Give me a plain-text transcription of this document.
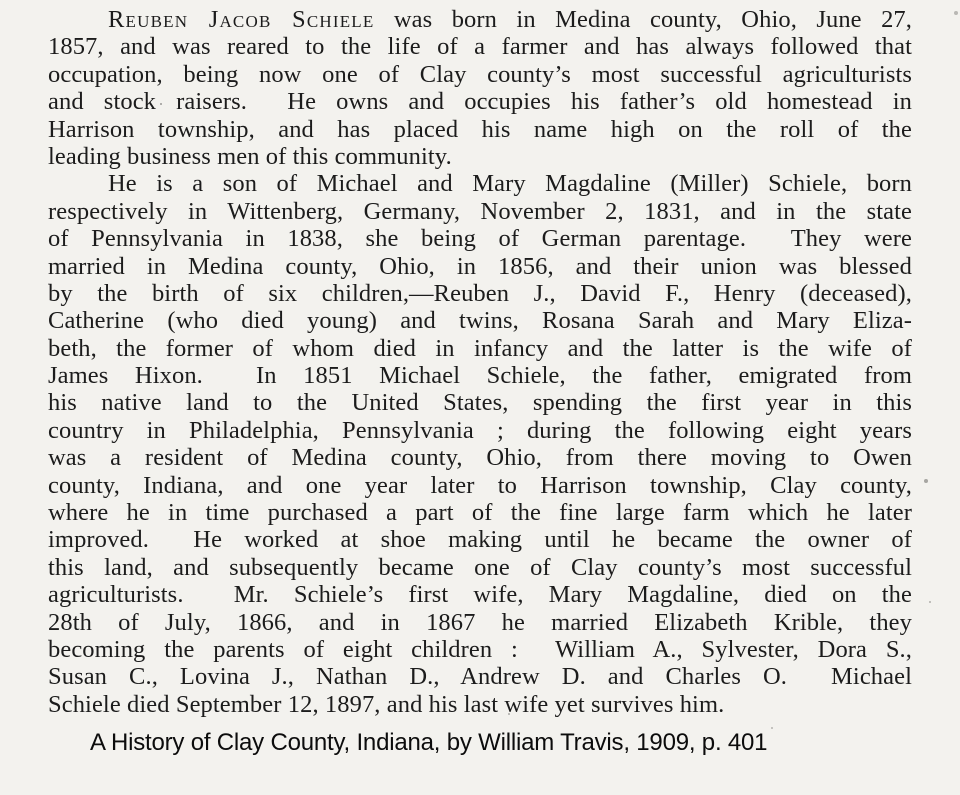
Reuben Jacob Schiele was born in Medina county, Ohio, June 27,
1857, and was reared to the life of a farmer and has always followed that
occupation, being now one of Clay county’s most successful agriculturists
and stock raisers.  He owns and occupies his father’s old homestead in
Harrison township, and has placed his name high on the roll of the
leading business men of this community.
He is a son of Michael and Mary Magdaline (Miller) Schiele, born
respectively in Wittenberg, Germany, November 2, 1831, and in the state
of Pennsylvania in 1838, she being of German parentage.  They were
married in Medina county, Ohio, in 1856, and their union was blessed
by the birth of six children,—Reuben J., David F., Henry (deceased),
Catherine (who died young) and twins, Rosana Sarah and Mary Eliza-
beth, the former of whom died in infancy and the latter is the wife of
James Hixon.  In 1851 Michael Schiele, the father, emigrated from
his native land to the United States, spending the first year in this
country in Philadelphia, Pennsylvania ; during the following eight years
was a resident of Medina county, Ohio, from there moving to Owen
county, Indiana, and one year later to Harrison township, Clay county,
where he in time purchased a part of the fine large farm which he later
improved.  He worked at shoe making until he became the owner of
this land, and subsequently became one of Clay county’s most successful
agriculturists.  Mr. Schiele’s first wife, Mary Magdaline, died on the
28th of July, 1866, and in 1867 he married Elizabeth Krible, they
becoming the parents of eight children :  William A., Sylvester, Dora S.,
Susan C., Lovina J., Nathan D., Andrew D. and Charles O.  Michael
Schiele died September 12, 1897, and his last wife yet survives him.
A History of Clay County, Indiana, by William Travis, 1909, p. 401
